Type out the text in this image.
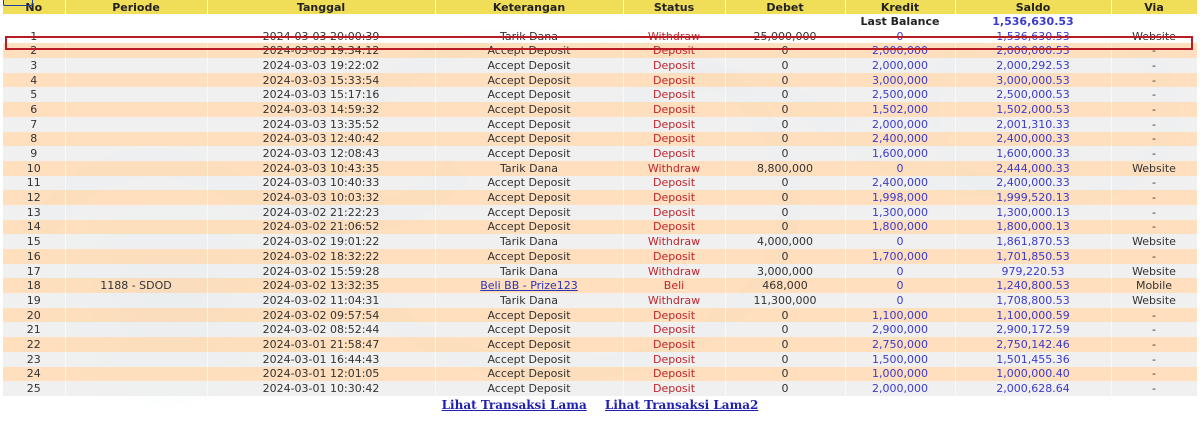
No	Periode	Tanggal	Keterangan	Status	Debet	Kredit	Saldo	Via
						Last Balance	1,536,630.53	
1		2024-03-03 20:00:39	Tarik Dana	Withdraw	25,000,000	0	1,536,630.53	Website
2		2024-03-03 19:34:12	Accept Deposit	Deposit	0	2,000,000	2,000,000.53	-
3		2024-03-03 19:22:02	Accept Deposit	Deposit	0	2,000,000	2,000,292.53	-
4		2024-03-03 15:33:54	Accept Deposit	Deposit	0	3,000,000	3,000,000.53	-
5		2024-03-03 15:17:16	Accept Deposit	Deposit	0	2,500,000	2,500,000.53	-
6		2024-03-03 14:59:32	Accept Deposit	Deposit	0	1,502,000	1,502,000.53	-
7		2024-03-03 13:35:52	Accept Deposit	Deposit	0	2,000,000	2,001,310.33	-
8		2024-03-03 12:40:42	Accept Deposit	Deposit	0	2,400,000	2,400,000.33	-
9		2024-03-03 12:08:43	Accept Deposit	Deposit	0	1,600,000	1,600,000.33	-
10		2024-03-03 10:43:35	Tarik Dana	Withdraw	8,800,000	0	2,444,000.33	Website
11		2024-03-03 10:40:33	Accept Deposit	Deposit	0	2,400,000	2,400,000.33	-
12		2024-03-03 10:03:32	Accept Deposit	Deposit	0	1,998,000	1,999,520.13	-
13		2024-03-02 21:22:23	Accept Deposit	Deposit	0	1,300,000	1,300,000.13	-
14		2024-03-02 21:06:52	Accept Deposit	Deposit	0	1,800,000	1,800,000.13	-
15		2024-03-02 19:01:22	Tarik Dana	Withdraw	4,000,000	0	1,861,870.53	Website
16		2024-03-02 18:32:22	Accept Deposit	Deposit	0	1,700,000	1,701,850.53	-
17		2024-03-02 15:59:28	Tarik Dana	Withdraw	3,000,000	0	979,220.53	Website
18	1188 - SDOD	2024-03-02 13:32:35	Beli BB - Prize123	Beli	468,000	0	1,240,800.53	Mobile
19		2024-03-02 11:04:31	Tarik Dana	Withdraw	11,300,000	0	1,708,800.53	Website
20		2024-03-02 09:57:54	Accept Deposit	Deposit	0	1,100,000	1,100,000.59	-
21		2024-03-02 08:52:44	Accept Deposit	Deposit	0	2,900,000	2,900,172.59	-
22		2024-03-01 21:58:47	Accept Deposit	Deposit	0	2,750,000	2,750,142.46	-
23		2024-03-01 16:44:43	Accept Deposit	Deposit	0	1,500,000	1,501,455.36	-
24		2024-03-01 12:01:05	Accept Deposit	Deposit	0	1,000,000	1,000,000.40	-
25		2024-03-01 10:30:42	Accept Deposit	Deposit	0	2,000,000	2,000,628.64	-
Lihat Transaksi Lama Lihat Transaksi Lama2
